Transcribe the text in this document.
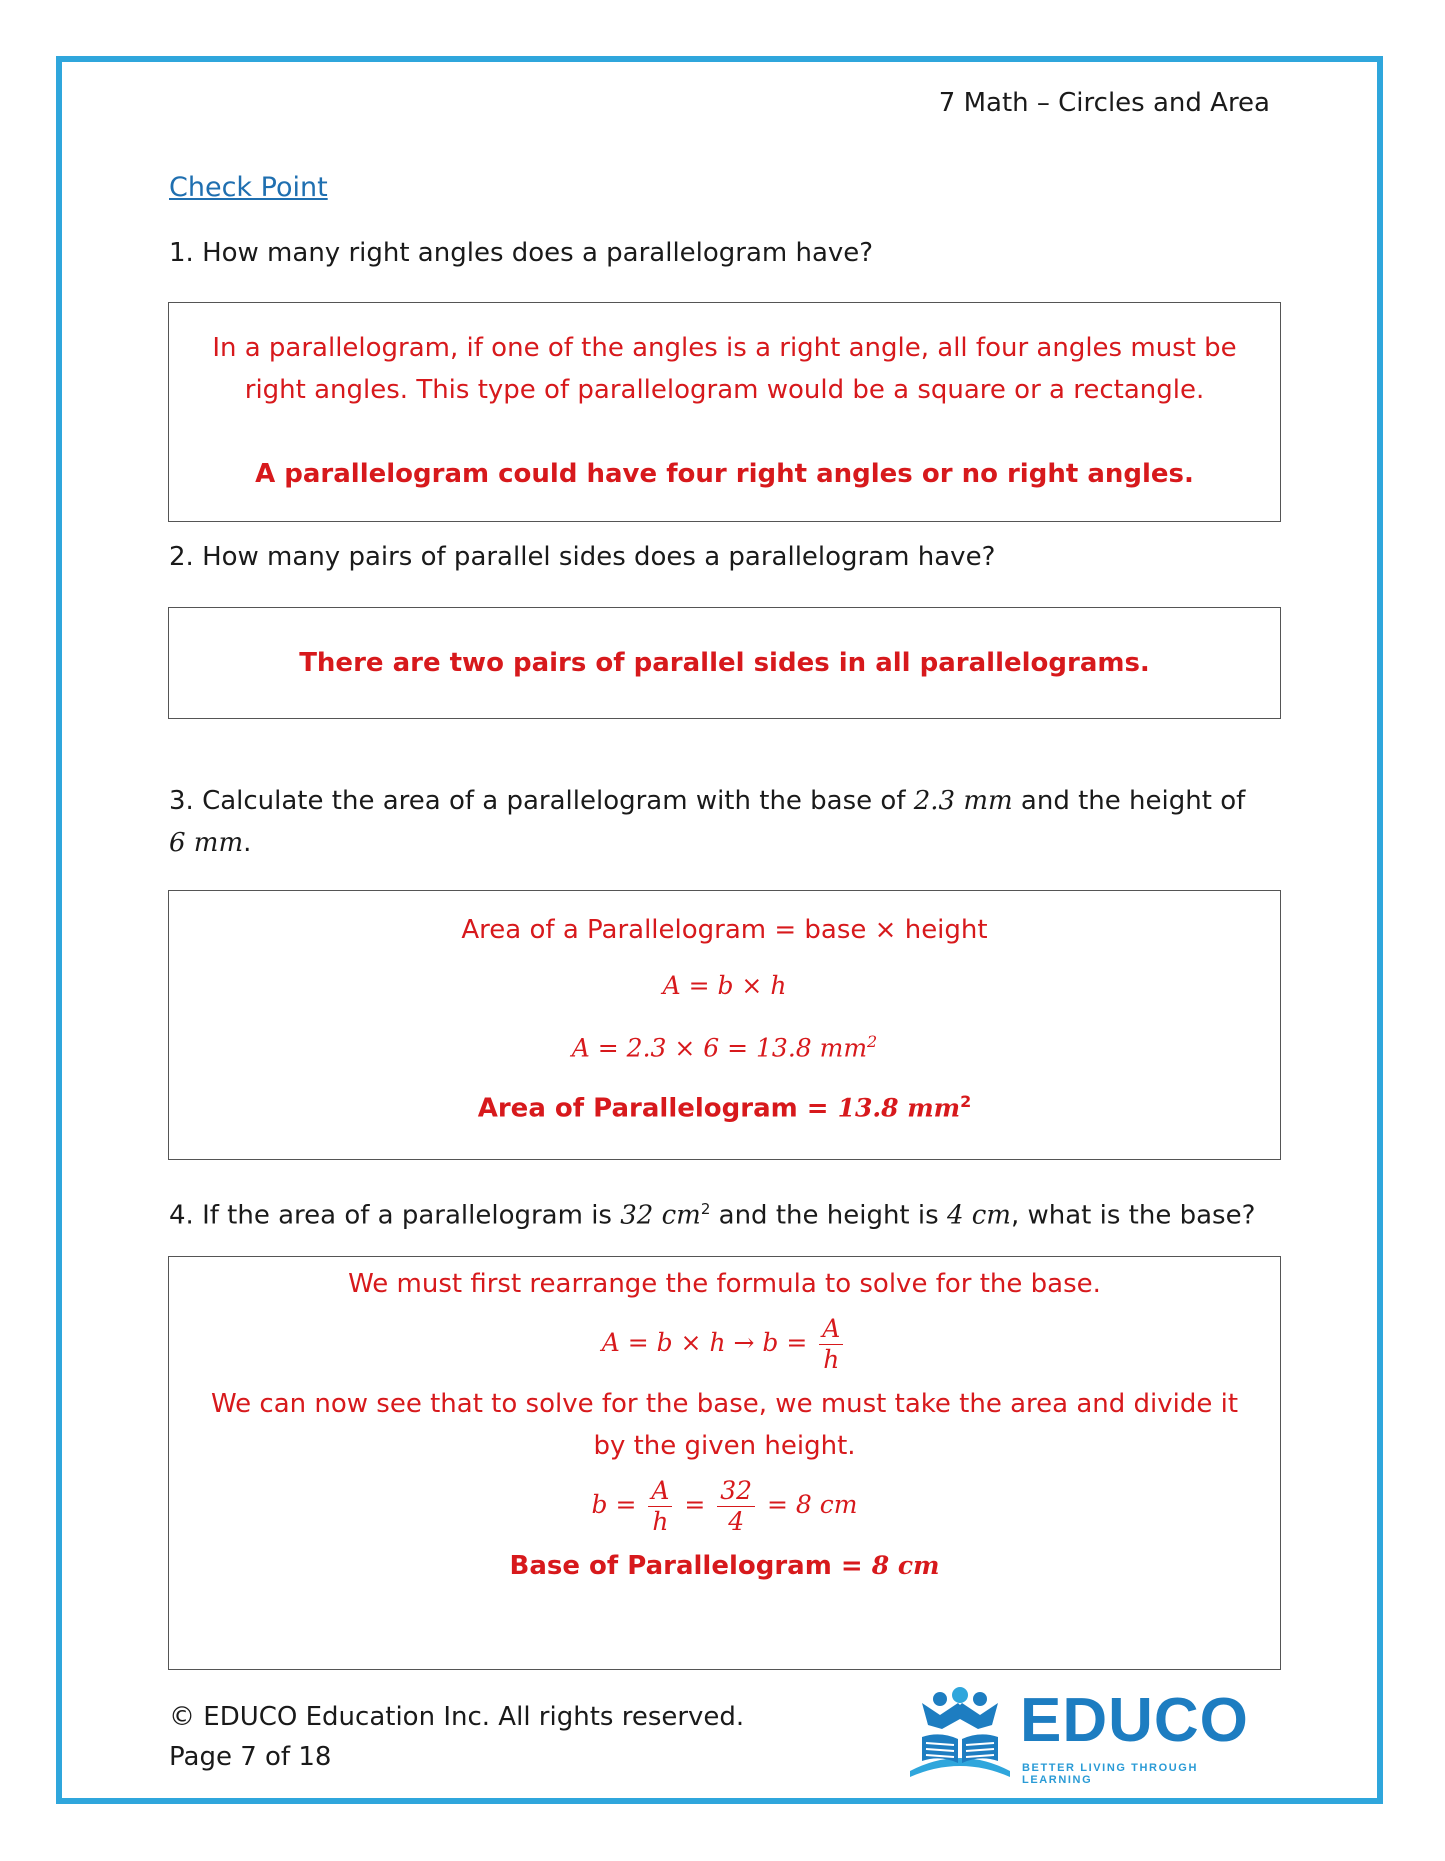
7 Math – Circles and Area
Check Point
1. How many right angles does a parallelogram have?
In a parallelogram, if one of the angles is a right angle, all four angles must be
right angles. This type of parallelogram would be a square or a rectangle.
A parallelogram could have four right angles or no right angles.
2. How many pairs of parallel sides does a parallelogram have?
There are two pairs of parallel sides in all parallelograms.
3. Calculate the area of a parallelogram with the base of 2.3 mm and the height of
6 mm.
Area of a Parallelogram = base × height
A = b × h
A = 2.3 × 6 = 13.8 $mm^2$
Area of Parallelogram = 13.8 $mm^2$
4. If the area of a parallelogram is 32 $cm^2$ and the height is 4 cm, what is the base?
We must first rearrange the formula to solve for the base.
$A = b \times h \to b = \frac{A}{h}$
We can now see that to solve for the base, we must take the area and divide it
by the given height.
$b = \frac{A}{h} = \frac{32}{4} = 8$ cm
Base of Parallelogram = 8 cm
© EDUCO Education Inc. All rights reserved.
Page 7 of 18
EDUCO
BETTER LIVING THROUGH LEARNING
